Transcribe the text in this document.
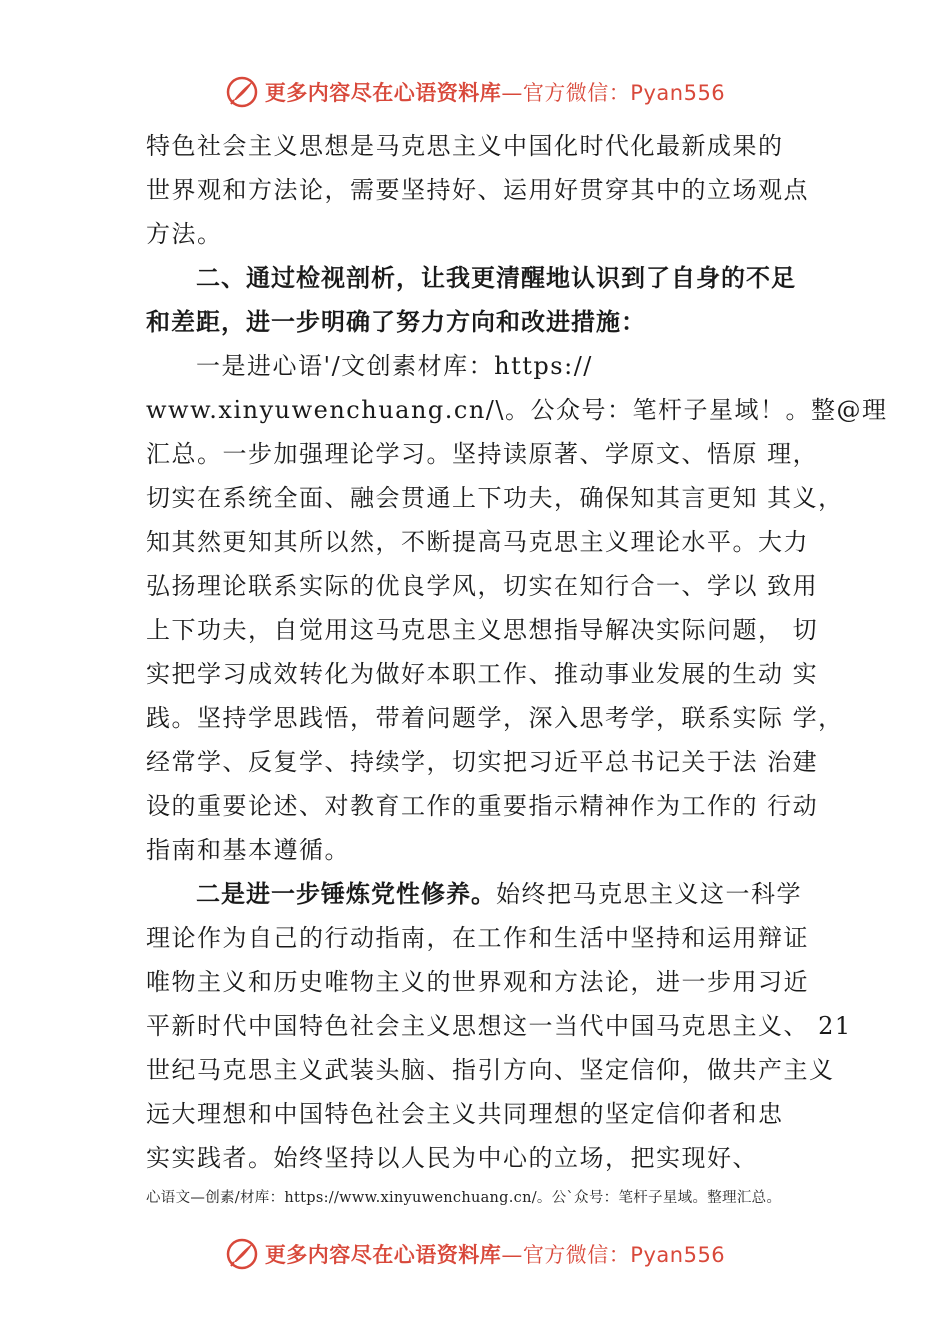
更多内容尽在心语资料库—官方微信：Pyan556
特色社会主义思想是马克思主义中国化时代化最新成果的
世界观和方法论，需要坚持好、运用好贯穿其中的立场观点
方法。
二、通过检视剖析，让我更清醒地认识到了自身的不足
和差距，进一步明确了努力方向和改进措施：
一是进心语'/文创素材库：https://
www.xinyuwenchuang.cn/\。公众号：笔杆子星域！。整@理
汇总。一步加强理论学习。坚持读原著、学原文、悟原 理，
切实在系统全面、融会贯通上下功夫，确保知其言更知 其义，
知其然更知其所以然，不断提高马克思主义理论水平。大力
弘扬理论联系实际的优良学风，切实在知行合一、学以 致用
上下功夫，自觉用这马克思主义思想指导解决实际问题， 切
实把学习成效转化为做好本职工作、推动事业发展的生动 实
践。坚持学思践悟，带着问题学，深入思考学，联系实际 学，
经常学、反复学、持续学，切实把习近平总书记关于法 治建
设的重要论述、对教育工作的重要指示精神作为工作的 行动
指南和基本遵循。
二是进一步锤炼党性修养。始终把马克思主义这一科学
理论作为自己的行动指南，在工作和生活中坚持和运用辩证
唯物主义和历史唯物主义的世界观和方法论，进一步用习近
平新时代中国特色社会主义思想这一当代中国马克思主义、 21
世纪马克思主义武装头脑、指引方向、坚定信仰，做共产主义
远大理想和中国特色社会主义共同理想的坚定信仰者和忠
实实践者。始终坚持以人民为中心的立场，把实现好、
心语文—创素/材库：https://www.xinyuwenchuang.cn/。公`众号：笔杆子星域。整理汇总。
更多内容尽在心语资料库—官方微信：Pyan556
